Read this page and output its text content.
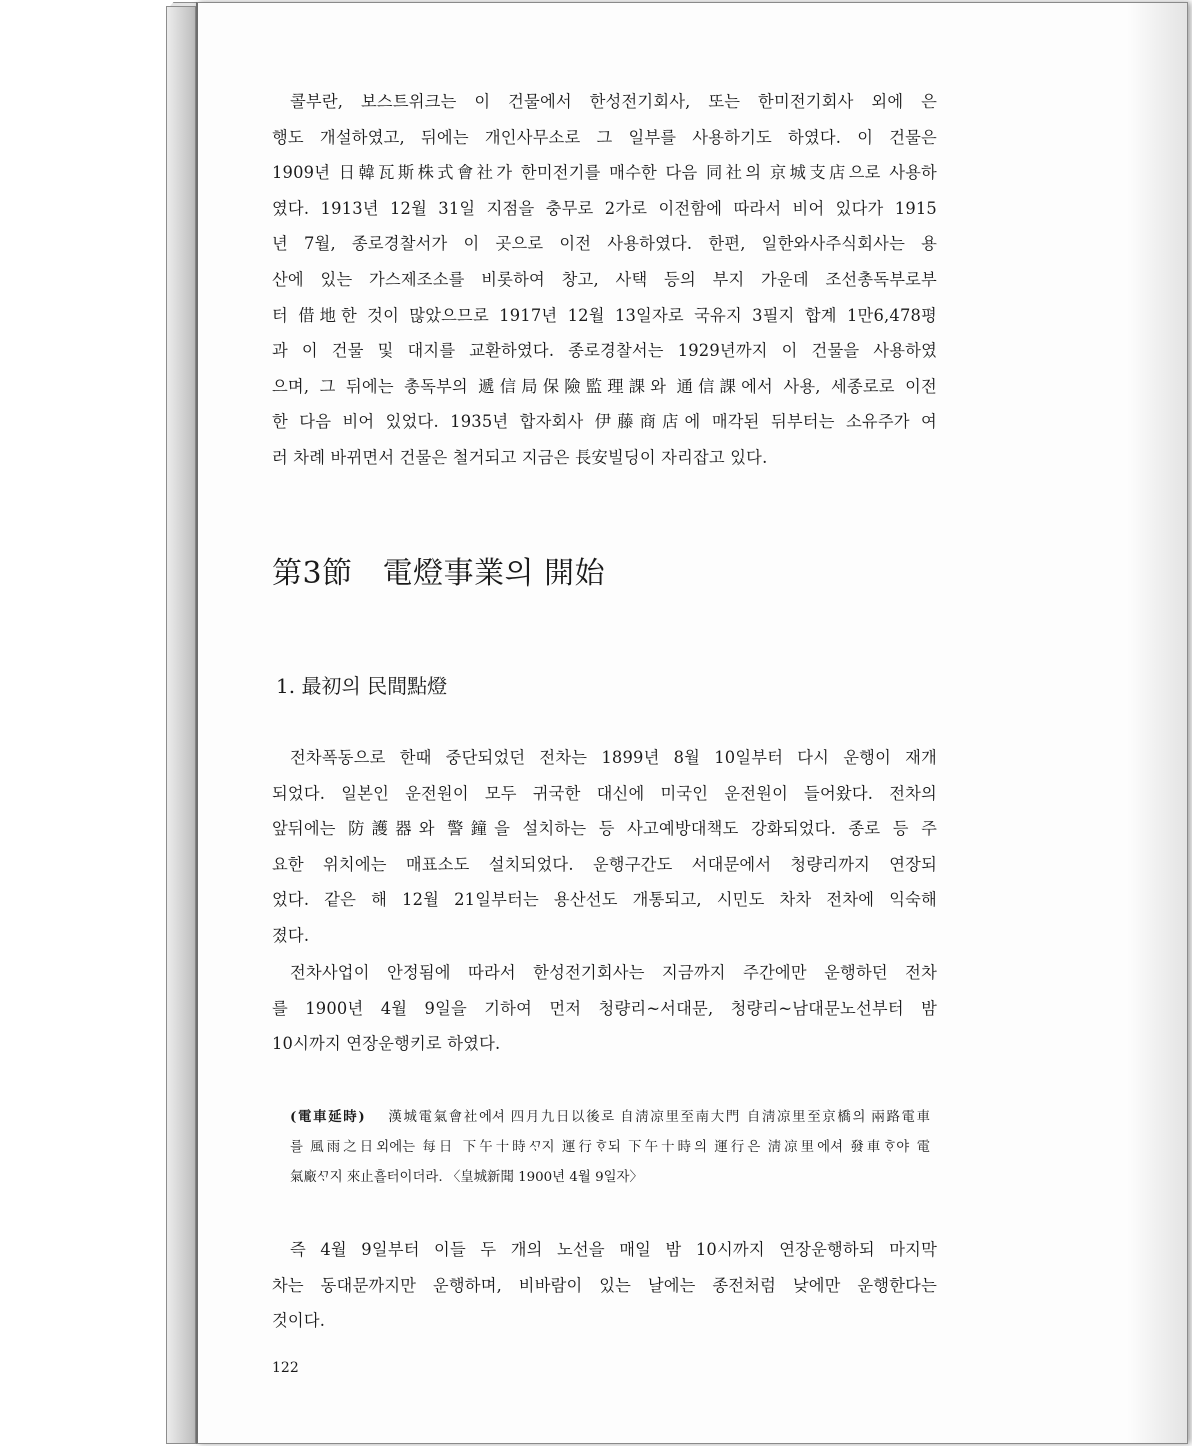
콜부란, 보스트위크는 이 건물에서 한성전기회사, 또는 한미전기회사 외에 은
행도 개설하였고, 뒤에는 개인사무소로 그 일부를 사용하기도 하였다. 이 건물은
1909년 日韓瓦斯株式會社가 한미전기를 매수한 다음 同社의 京城支店으로 사용하
였다. 1913년 12월 31일 지점을 충무로 2가로 이전함에 따라서 비어 있다가 1915
년 7월, 종로경찰서가 이 곳으로 이전 사용하였다. 한편, 일한와사주식회사는 용
산에 있는 가스제조소를 비롯하여 창고, 사택 등의 부지 가운데 조선총독부로부
터 借地한 것이 많았으므로 1917년 12월 13일자로 국유지 3필지 합계 1만6,478평
과 이 건물 및 대지를 교환하였다. 종로경찰서는 1929년까지 이 건물을 사용하였
으며, 그 뒤에는 총독부의 遞信局保險監理課와 通信課에서 사용, 세종로로 이전
한 다음 비어 있었다. 1935년 합자회사 伊藤商店에 매각된 뒤부터는 소유주가 여
러 차례 바뀌면서 건물은 철거되고 지금은 長安빌딩이 자리잡고 있다.

第3節 電燈事業의 開始
1. 最初의 民間點燈

전차폭동으로 한때 중단되었던 전차는 1899년 8월 10일부터 다시 운행이 재개
되었다. 일본인 운전원이 모두 귀국한 대신에 미국인 운전원이 들어왔다. 전차의
앞뒤에는 防護器와 警鐘을 설치하는 등 사고예방대책도 강화되었다. 종로 등 주
요한 위치에는 매표소도 설치되었다. 운행구간도 서대문에서 청량리까지 연장되
었다. 같은 해 12월 21일부터는 용산선도 개통되고, 시민도 차차 전차에 익숙해
졌다.

전차사업이 안정됨에 따라서 한성전기회사는 지금까지 주간에만 운행하던 전차
를 1900년 4월 9일을 기하여 먼저 청량리~서대문, 청량리~남대문노선부터 밤
10시까지 연장운행키로 하였다.

(電車延時) 漢城電氣會社에셔 四月九日以後로 自淸凉里至南大門 自淸凉里至京橋의 兩路電車
를 風雨之日외에는 每日 下午十時ᄭᆞ지 運行ᄒᆞ되 下午十時의 運行은 淸凉里에셔 發車ᄒᆞ야 電
氣廠ᄭᆞ지 來止흘터이더라. 〈皇城新聞 1900년 4월 9일자〉

즉 4월 9일부터 이들 두 개의 노선을 매일 밤 10시까지 연장운행하되 마지막
차는 동대문까지만 운행하며, 비바람이 있는 날에는 종전처럼 낮에만 운행한다는
것이다.

122
